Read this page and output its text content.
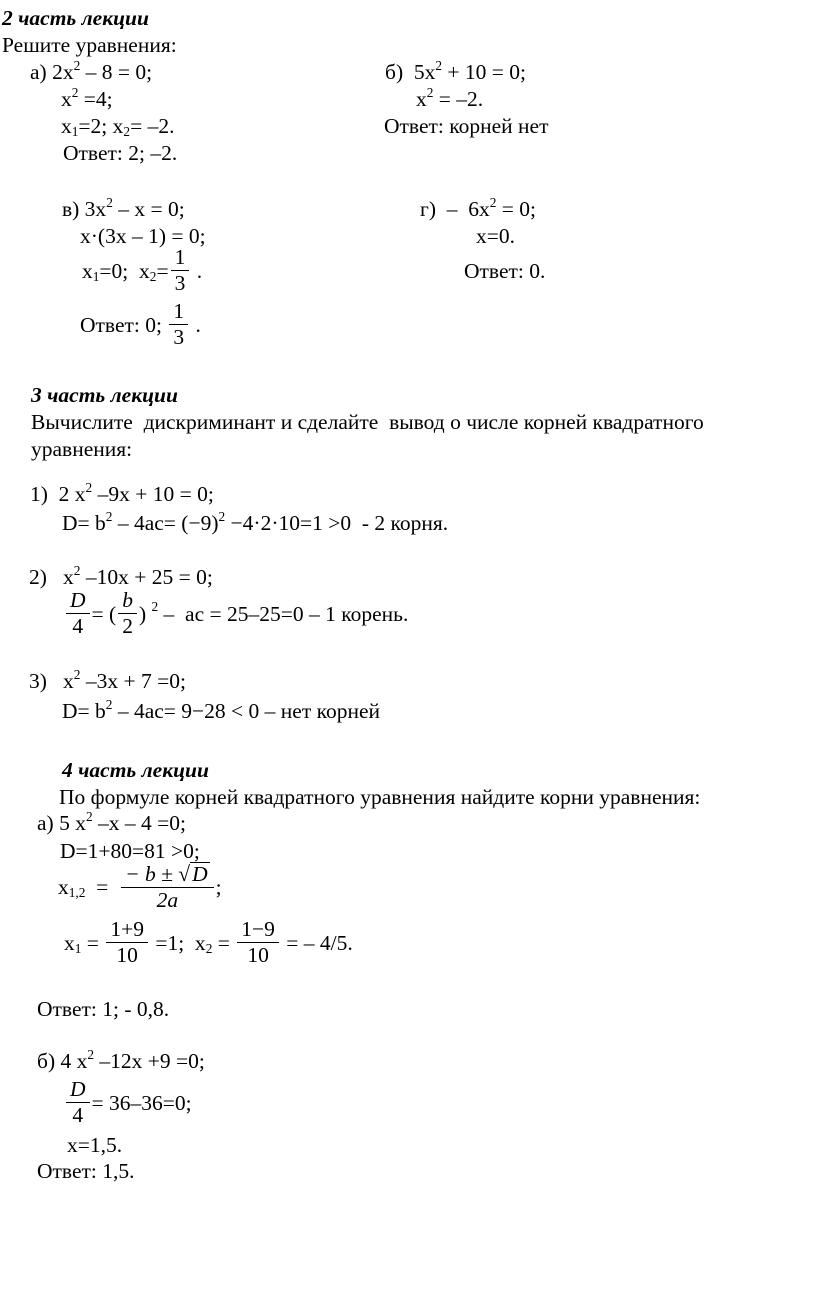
2 часть лекции
Решите уравнения:
а) $2x^2 - 8 = 0$;
$x^2 =4$;
$x_1=2$; $x_2= -2$.
Ответ: 2; –2.
б)  $5x^2 + 10 = 0$;
$x^2 = -2$.
Ответ: корней нет
в) $3x^2 - x = 0$;
x·(3x – 1) = 0;
$x_1=0$;  $x_2= \frac{1}{3}$ .
Ответ: 0; $\frac{1}{3}$ .
$г) - 6x^2 = 0$;
x=0.
Ответ: 0.
3 часть лекции
Вычислите  дискриминант и сделайте  вывод о числе корней квадратного
уравнения:
1)  2 $x^2$ –9x + 10 = 0;
$D= b^2 - 4ac= (-9)^2 -4\cdot 2\cdot 10=1 >0 - 2$ корня.
2)   $x^2$ –10x + 25 = 0;
$\frac{D}{4}$ = ( $\frac{b}{2}$ ) $^2$ –  ac = 25–25=0 – 1 корень.
3)   $x^2$ –3x + 7 =0;
$D= b^2 - 4ac= 9-28 < 0$ – нет корней
4 часть лекции
По формуле корней квадратного уравнения найдите корни уравнения:
а) 5 $x^2$ –x – 4 =0;
D=1+80=81 >0;
$x_{1,2} = \frac{- b \pm √ D}{2a}$ ;
$x_1 = \frac{1+9}{10} =1$;  $x_2 = \frac{1-9}{10}$ = – 4/5.
Ответ: 1; - 0,8.
б) 4 $x^2$ –12x +9 =0;
$\frac{D}{4} = 36-36=0$;
x=1,5.
Ответ: 1,5.
